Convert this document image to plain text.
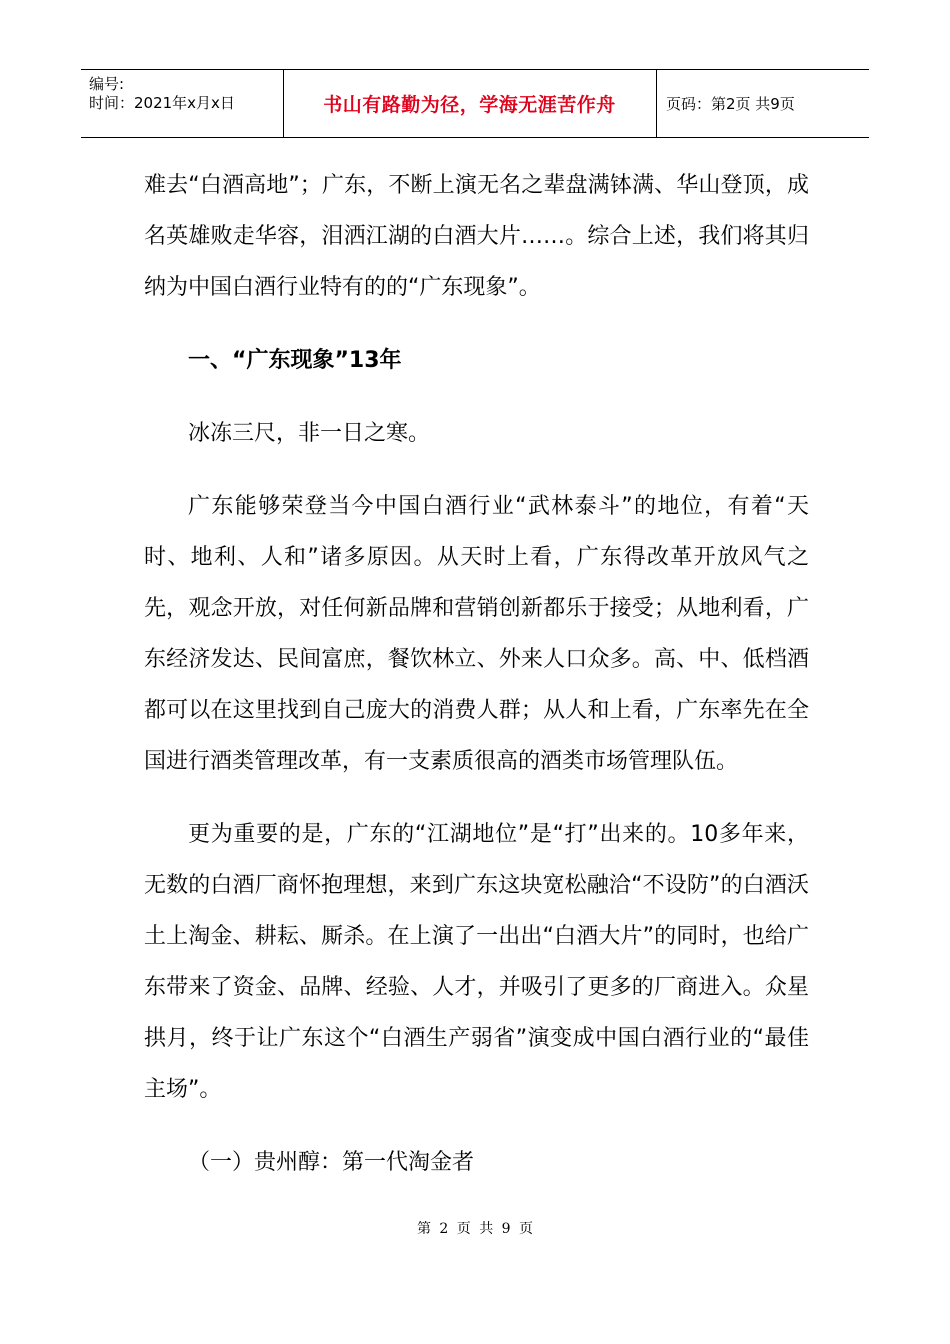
编号:
时间：2021年x月x日	书山有路勤为径，学海无涯苦作舟	页码：第2页 共9页

难去“白酒高地”；广东，不断上演无名之辈盘满钵满、华山登顶，成名英雄败走华容，泪洒江湖的白酒大片……。综合上述，我们将其归纳为中国白酒行业特有的的“广东现象”。

一、“广东现象”13年

冰冻三尺，非一日之寒。

广东能够荣登当今中国白酒行业“武林泰斗”的地位，有着“天时、地利、人和”诸多原因。从天时上看，广东得改革开放风气之先，观念开放，对任何新品牌和营销创新都乐于接受；从地利看，广东经济发达、民间富庶，餐饮林立、外来人口众多。高、中、低档酒都可以在这里找到自己庞大的消费人群；从人和上看，广东率先在全国进行酒类管理改革，有一支素质很高的酒类市场管理队伍。

更为重要的是，广东的“江湖地位”是“打”出来的。10多年来，无数的白酒厂商怀抱理想，来到广东这块宽松融洽“不设防”的白酒沃土上淘金、耕耘、厮杀。在上演了一出出“白酒大片”的同时，也给广东带来了资金、品牌、经验、人才，并吸引了更多的厂商进入。众星拱月，终于让广东这个“白酒生产弱省”演变成中国白酒行业的“最佳主场”。

（一）贵州醇：第一代淘金者

第 2 页 共 9 页
